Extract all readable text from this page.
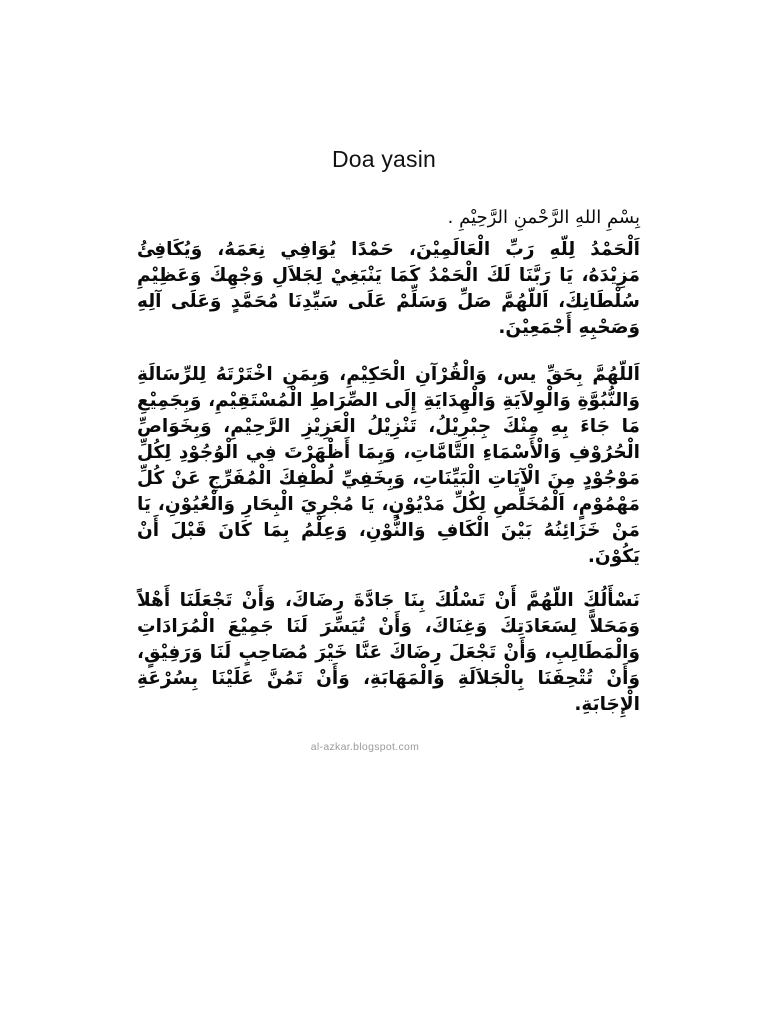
Doa yasin
بِسْمِ اللهِ الرَّحْمنِ الرَّحِيْمِ .
اَلْحَمْدُ لِلّهِ رَبِّ الْعَالَمِيْنَ، حَمْدًا يُوَافِي نِعَمَهُ، وَيُكَافِئُ مَزِيْدَهُ، يَا رَبَّنَا لَكَ الْحَمْدُ كَمَا يَنْبَغِيْ لِجَلاَلِ وَجْهِكَ وَعَظِيْمِ سُلْطَانِكَ، اَللّهُمَّ صَلِّ وَسَلِّمْ عَلَى سَيِّدِنَا مُحَمَّدٍ وَعَلَى آلِهِ وَصَحْبِهِ أَجْمَعِيْنَ.
اَللّهُمَّ بِحَقِّ يس، وَالْقُرْآنِ الْحَكِيْمِ، وَبِمَنِ اخْتَرْتَهُ لِلرِّسَالَةِ وَالنُّبُوَّةِ وَالْوِلاَيَةِ وَالْهِدَايَةِ إِلَى الصِّرَاطِ الْمُسْتَقِيْمِ، وَبِجَمِيْعِ مَا جَاءَ بِهِ مِنْكَ جِبْرِيْلُ، تَنْزِيْلُ الْعَزِيْزِ الرَّحِيْمِ، وَبِخَوَاصِّ الْحُرُوْفِ وَالْأَسْمَاءِ التَّامَّاتِ، وَبِمَا أَظْهَرْتَ فِي الْوُجُوْدِ لِكُلِّ مَوْجُوْدٍ مِنَ الْآيَاتِ الْبَيِّنَاتِ، وَبِخَفِيِّ لُطْفِكَ الْمُفَرِّجِ عَنْ كُلِّ مَهْمُوْمٍ، اَلْمُخَلِّصِ لِكُلِّ مَدْيُوْنٍ، يَا مُجْرِيَ الْبِحَارِ وَالْعُيُوْنِ، يَا مَنْ خَزَائِنُهُ بَيْنَ الْكَافِ وَالنُّوْنِ، وَعِلْمُ بِمَا كَانَ قَبْلَ أَنْ يَكُوْنَ.
نَسْأَلُكَ اللّهُمَّ أَنْ تَسْلُكَ بِنَا جَادَّةَ رِضَاكَ، وَأَنْ تَجْعَلَنَا أَهْلاً وَمَحَلاًّ لِسَعَادَتِكَ وَغِنَاكَ، وَأَنْ تُيَسِّرَ لَنَا جَمِيْعَ الْمُرَادَاتِ وَالْمَطَالِبِ، وَأَنْ تَجْعَلَ رِضَاكَ عَنَّا خَيْرَ مُصَاحِبٍ لَنَا وَرَفِيْقٍ، وَأَنْ تُتْحِفَنَا بِالْجَلاَلَةِ وَالْمَهَابَةِ، وَأَنْ تَمُنَّ عَلَيْنَا بِسُرْعَةِ الْإِجَابَةِ.
al-azkar.blogspot.com
